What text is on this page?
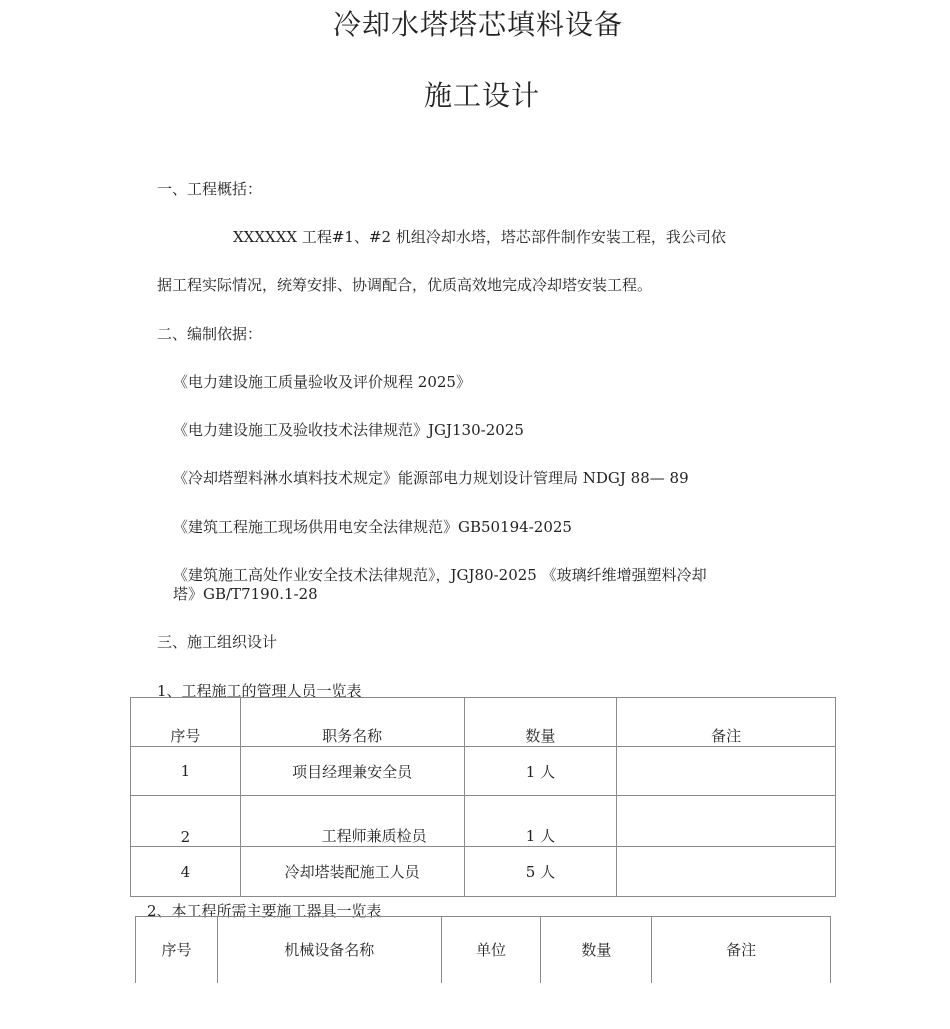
冷却水塔塔芯填料设备
施工设计
一、工程概括：
XXXXXX 工程#1、#2 机组冷却水塔，塔芯部件制作安装工程，我公司依
据工程实际情况，统筹安排、协调配合，优质高效地完成冷却塔安装工程。
二、编制依据：
《电力建设施工质量验收及评价规程 2025》
《电力建设施工及验收技术法律规范》JGJ130-2025
《冷却塔塑料淋水填料技术规定》能源部电力规划设计管理局 NDGJ 88— 89
《建筑工程施工现场供用电安全法律规范》GB50194-2025
《建筑施工高处作业安全技术法律规范》，JGJ80-2025 《玻璃纤维增强塑料冷却
塔》GB/T7190.1-28
三、施工组织设计
1、工程施工的管理人员一览表
序号	职务名称	数量	备注
1	项目经理兼安全员	1 人	
2	工程师兼质检员	1 人	
4	冷却塔装配施工人员	5 人	
2、本工程所需主要施工器具一览表
序号	机械设备名称	单位	数量	备注
